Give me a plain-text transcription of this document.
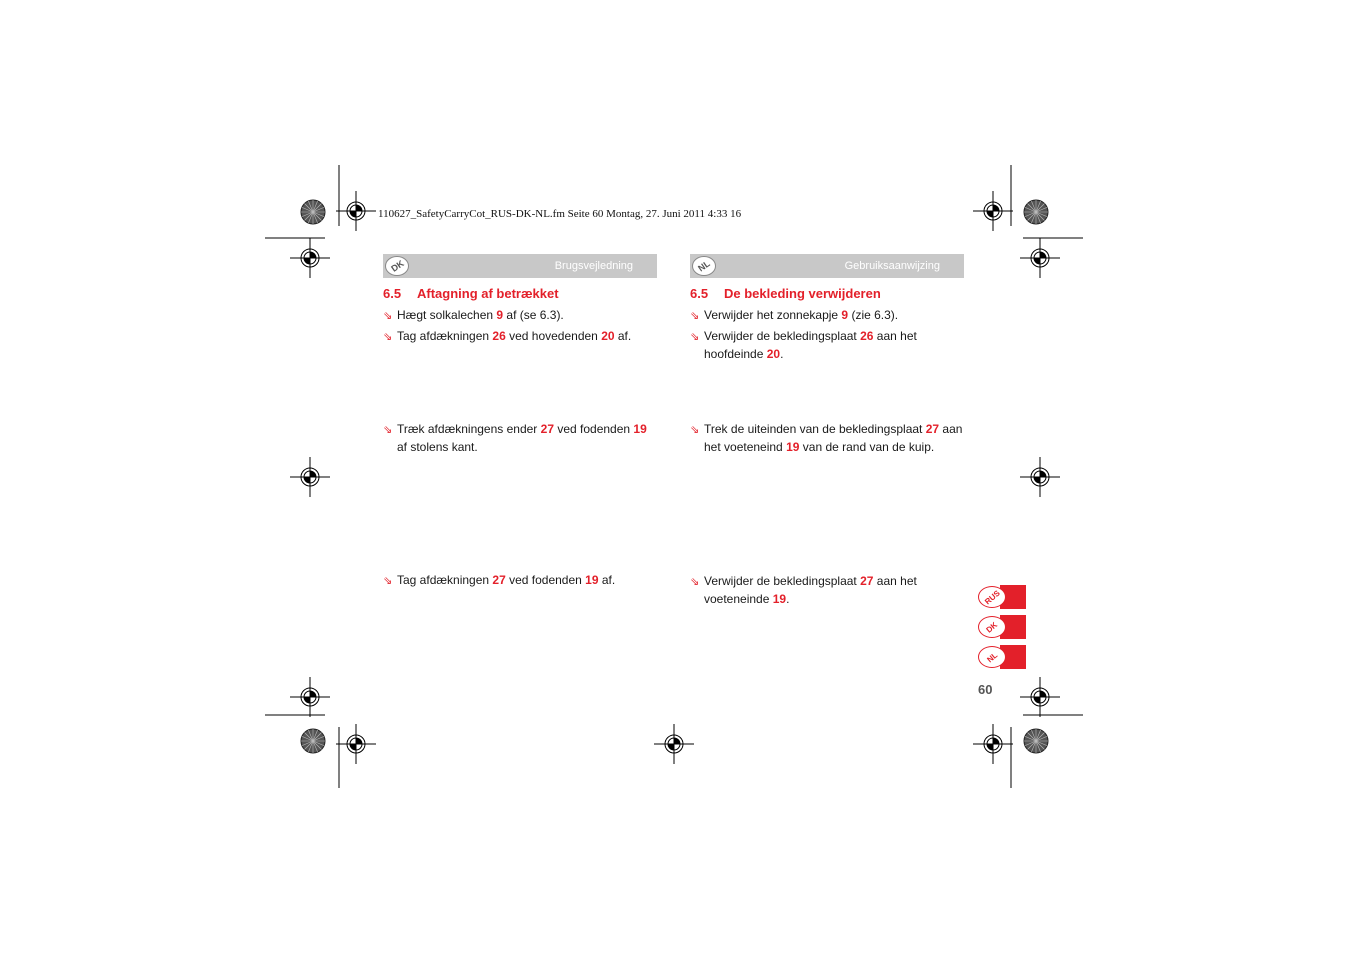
110627_SafetyCarryCot_RUS-DK-NL.fm Seite 60 Montag, 27. Juni 2011 4:33 16
DK	Brugsvejledning
6.5 Aftagning af betrækket
⇘ Hægt solkalechen 9 af (se 6.3).
⇘ Tag afdækningen 26 ved hovedenden 20 af.
⇘ Træk afdækningens ender 27 ved fodenden 19
af stolens kant.
⇘ Tag afdækningen 27 ved fodenden 19 af.
NL	Gebruiksaanwijzing
6.5 De bekleding verwijderen
⇘ Verwijder het zonnekapje 9 (zie 6.3).
⇘ Verwijder de bekledingsplaat 26 aan het
hoofdeinde 20.
⇘ Trek de uiteinden van de bekledingsplaat 27 aan
het voeteneind 19 van de rand van de kuip.
⇘ Verwijder de bekledingsplaat 27 aan het
voeteneinde 19.	RUS
DK
NL
60
